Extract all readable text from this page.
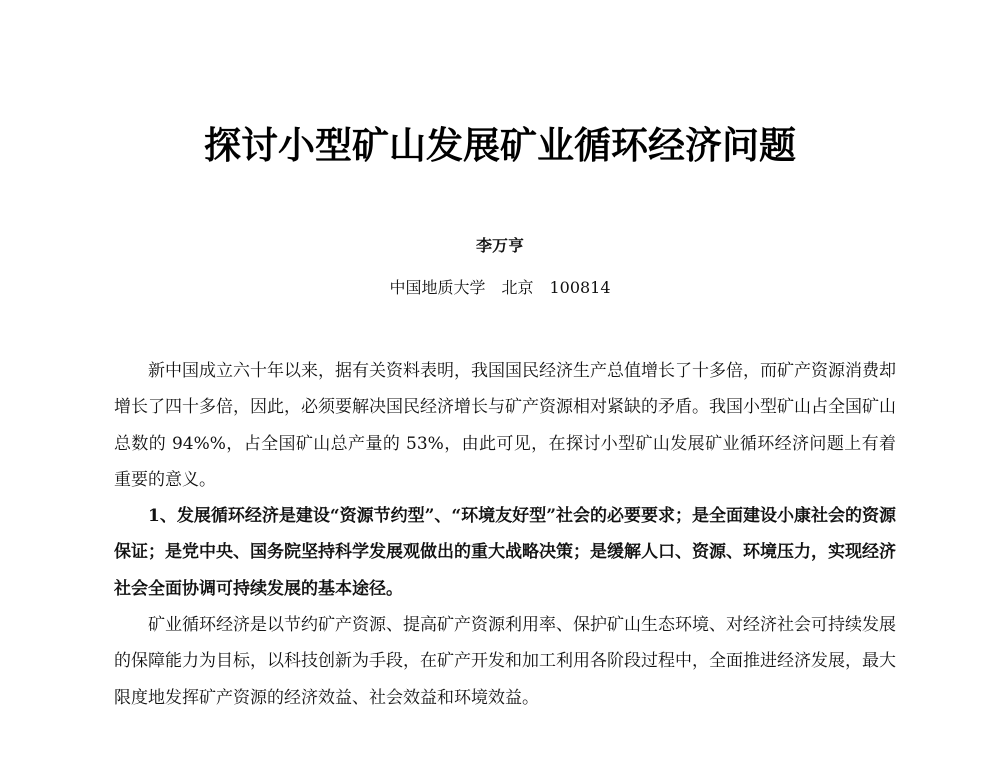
探讨小型矿山发展矿业循环经济问题
李万亨
中国地质大学　北京　100814

新中国成立六十年以来，据有关资料表明，我国国民经济生产总值增长了十多倍，而矿产资源消费却增长了四十多倍，因此，必须要解决国民经济增长与矿产资源相对紧缺的矛盾。我国小型矿山占全国矿山总数的 94%%，占全国矿山总产量的 53%，由此可见，在探讨小型矿山发展矿业循环经济问题上有着重要的意义。

1、发展循环经济是建设“资源节约型”、“环境友好型”社会的必要要求；是全面建设小康社会的资源保证；是党中央、国务院坚持科学发展观做出的重大战略决策；是缓解人口、资源、环境压力，实现经济社会全面协调可持续发展的基本途径。

矿业循环经济是以节约矿产资源、提高矿产资源利用率、保护矿山生态环境、对经济社会可持续发展的保障能力为目标，以科技创新为手段，在矿产开发和加工利用各阶段过程中，全面推进经济发展，最大限度地发挥矿产资源的经济效益、社会效益和环境效益。
